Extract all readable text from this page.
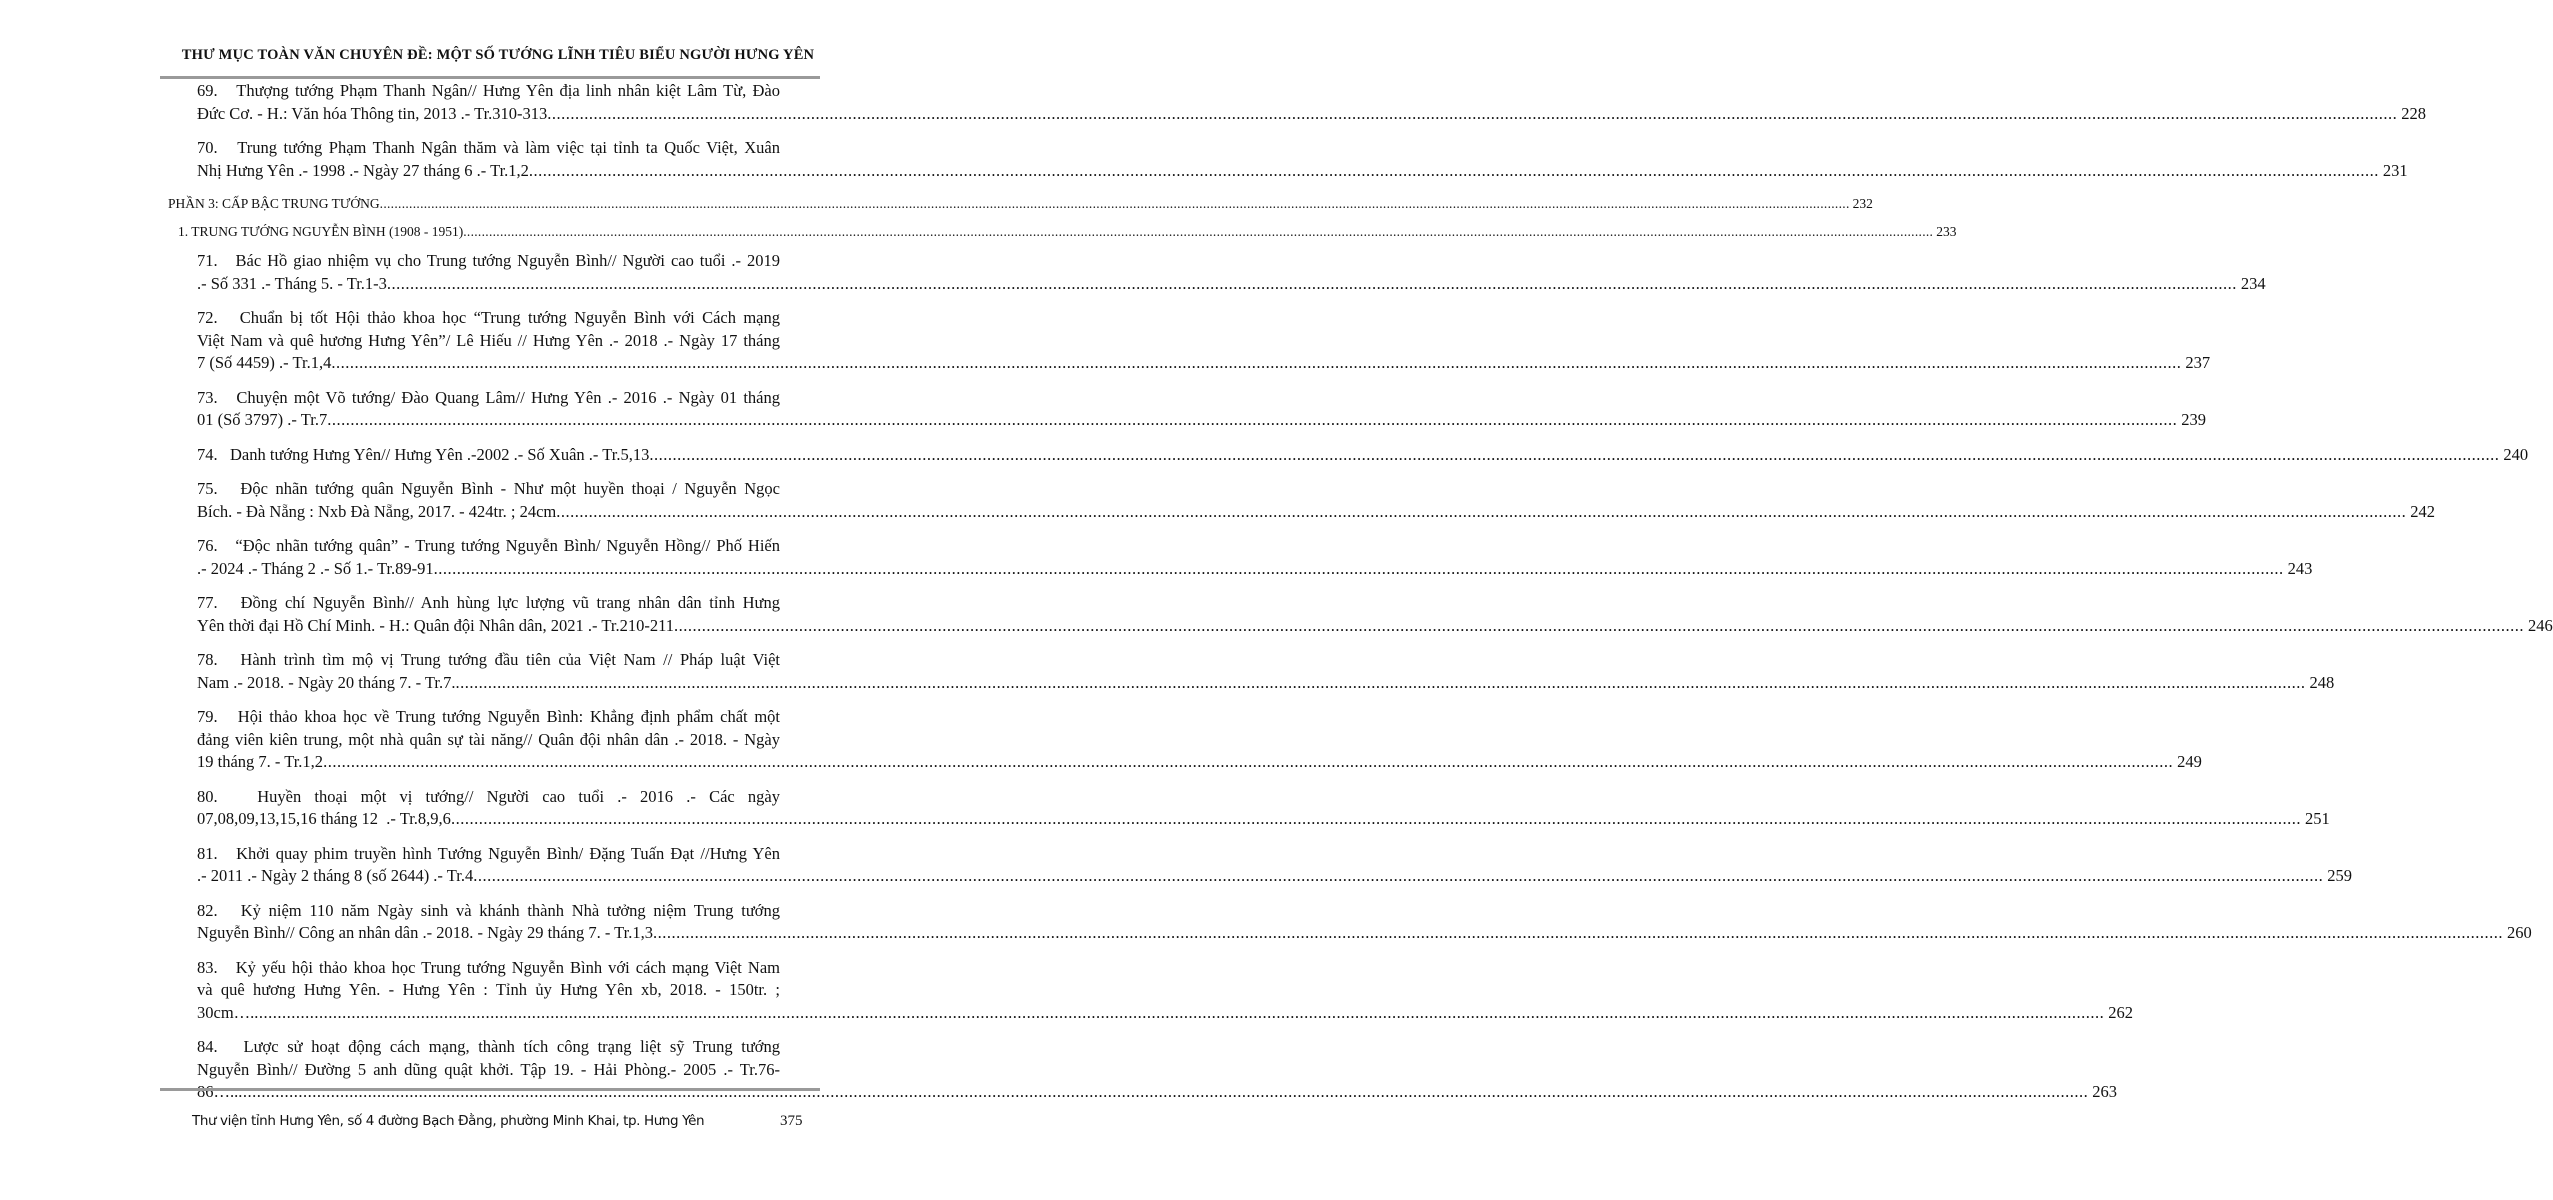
THƯ MỤC TOÀN VĂN CHUYÊN ĐỀ: MỘT SỐ TƯỚNG LĨNH TIÊU BIỂU NGƯỜI HƯNG YÊN
69.   Thượng tướng Phạm Thanh Ngân// Hưng Yên địa linh nhân kiệt Lâm Từ, Đào
Đức Cơ. - H.: Văn hóa Thông tin, 2013 .- Tr.310-313 ................................................................................................................................................................................................................................................................................................................................................................................................................ 228
70.   Trung tướng Phạm Thanh Ngân thăm và làm việc tại tỉnh ta Quốc Việt, Xuân
Nhị Hưng Yên .- 1998 .- Ngày 27 tháng 6 .- Tr.1,2 ................................................................................................................................................................................................................................................................................................................................................................................................................ 231
PHẦN 3: CẤP BẬC TRUNG TƯỚNG ................................................................................................................................................................................................................................................................................................................................................................................................................ 232
1. TRUNG TƯỚNG NGUYỄN BÌNH (1908 - 1951) ................................................................................................................................................................................................................................................................................................................................................................................................................ 233
71.   Bác Hồ giao nhiệm vụ cho Trung tướng Nguyễn Bình// Người cao tuổi .- 2019
.- Số 331 .- Tháng 5. - Tr.1-3 ................................................................................................................................................................................................................................................................................................................................................................................................................ 234
72.   Chuẩn bị tốt Hội thảo khoa học “Trung tướng Nguyễn Bình với Cách mạng
Việt Nam và quê hương Hưng Yên”/ Lê Hiếu // Hưng Yên .- 2018 .- Ngày 17 tháng
7 (Số 4459) .- Tr.1,4 ................................................................................................................................................................................................................................................................................................................................................................................................................ 237
73.   Chuyện một Võ tướng/ Đào Quang Lâm// Hưng Yên .- 2016 .- Ngày 01 tháng
01 (Số 3797) .- Tr.7 ................................................................................................................................................................................................................................................................................................................................................................................................................ 239
74.   Danh tướng Hưng Yên// Hưng Yên .-2002 .- Số Xuân .- Tr.5,13 ................................................................................................................................................................................................................................................................................................................................................................................................................ 240
75.   Độc nhãn tướng quân Nguyễn Bình - Như một huyền thoại / Nguyễn Ngọc
Bích. - Đà Nẵng : Nxb Đà Nẵng, 2017. - 424tr. ; 24cm ................................................................................................................................................................................................................................................................................................................................................................................................................ 242
76.   “Độc nhãn tướng quân” - Trung tướng Nguyễn Bình/ Nguyễn Hồng// Phố Hiến
.- 2024 .- Tháng 2 .- Số 1.- Tr.89-91 ................................................................................................................................................................................................................................................................................................................................................................................................................ 243
77.   Đồng chí Nguyễn Bình// Anh hùng lực lượng vũ trang nhân dân tỉnh Hưng
Yên thời đại Hồ Chí Minh. - H.: Quân đội Nhân dân, 2021 .- Tr.210-211 ................................................................................................................................................................................................................................................................................................................................................................................................................ 246
78.   Hành trình tìm mộ vị Trung tướng đầu tiên của Việt Nam // Pháp luật Việt
Nam .- 2018. - Ngày 20 tháng 7. - Tr.7. ................................................................................................................................................................................................................................................................................................................................................................................................................ 248
79.   Hội thảo khoa học về Trung tướng Nguyễn Bình: Khẳng định phẩm chất một
đảng viên kiên trung, một nhà quân sự tài năng// Quân đội nhân dân .- 2018. - Ngày
19 tháng 7. - Tr.1,2 ................................................................................................................................................................................................................................................................................................................................................................................................................ 249
80.   Huyền thoại một vị tướng// Người cao tuổi .- 2016 .- Các ngày
07,08,09,13,15,16 tháng 12  .- Tr.8,9,6 ................................................................................................................................................................................................................................................................................................................................................................................................................ 251
81.   Khởi quay phim truyền hình Tướng Nguyễn Bình/ Đặng Tuấn Đạt //Hưng Yên
.- 2011 .- Ngày 2 tháng 8 (số 2644) .- Tr.4 ................................................................................................................................................................................................................................................................................................................................................................................................................ 259
82.   Kỷ niệm 110 năm Ngày sinh và khánh thành Nhà tưởng niệm Trung tướng
Nguyễn Bình// Công an nhân dân .- 2018. - Ngày 29 tháng 7. - Tr.1,3 ................................................................................................................................................................................................................................................................................................................................................................................................................ 260
83.   Kỷ yếu hội thảo khoa học Trung tướng Nguyễn Bình với cách mạng Việt Nam
và quê hương Hưng Yên. - Hưng Yên : Tỉnh ủy Hưng Yên xb, 2018. - 150tr. ;
30cm…. ................................................................................................................................................................................................................................................................................................................................................................................................................ 262
84.   Lược sử hoạt động cách mạng, thành tích công trạng liệt sỹ Trung tướng
Nguyễn Bình// Đường 5 anh dũng quật khởi. Tập 19. - Hải Phòng.- 2005 .- Tr.76-
86….. ................................................................................................................................................................................................................................................................................................................................................................................................................ 263
Thư viện tỉnh Hưng Yên, số 4 đường Bạch Đằng, phường Minh Khai, tp. Hưng Yên	375
